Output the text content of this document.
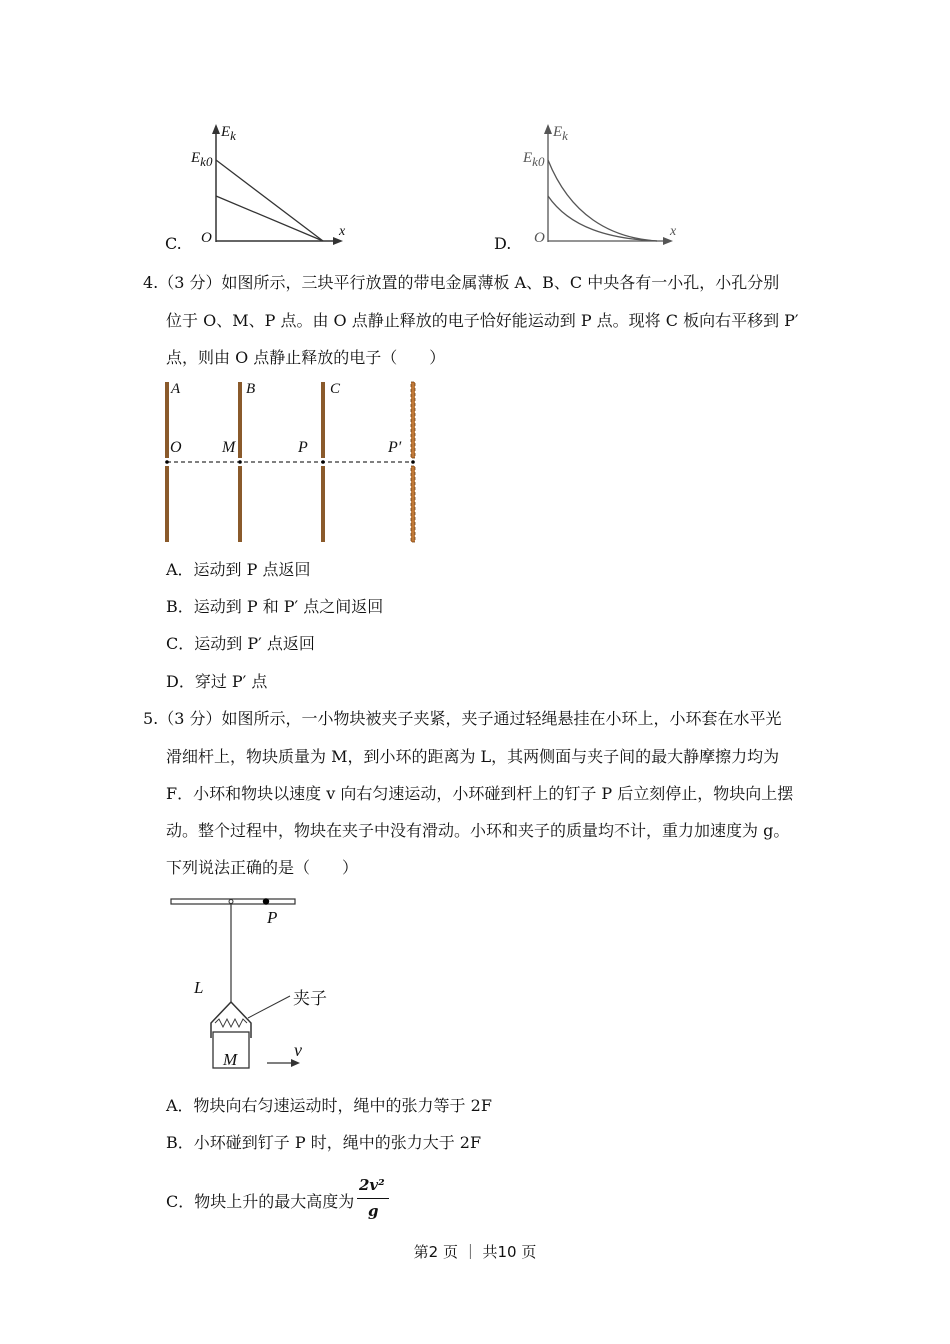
C.
$E_k$
$E_{k0}$
O	x
D.
$E_k$
$E_{k0}$
O	x
4.（3 分）如图所示，三块平行放置的带电金属薄板 A、B、C 中央各有一小孔，小孔分别
位于 O、M、P 点。由 O 点静止释放的电子恰好能运动到 P 点。现将 C 板向右平移到 P′
点，则由 O 点静止释放的电子（　　）
A	B	C
O	M	P	P′
A．运动到 P 点返回
B．运动到 P 和 P′ 点之间返回
C．运动到 P′ 点返回
D．穿过 P′ 点
5.（3 分）如图所示，一小物块被夹子夹紧，夹子通过轻绳悬挂在小环上，小环套在水平光
滑细杆上，物块质量为 M，到小环的距离为 L，其两侧面与夹子间的最大静摩擦力均为
F．小环和物块以速度 v 向右匀速运动，小环碰到杆上的钉子 P 后立刻停止，物块向上摆
动。整个过程中，物块在夹子中没有滑动。小环和夹子的质量均不计，重力加速度为 g。
下列说法正确的是（　　）
P
L
夹子
M	v
A．物块向右匀速运动时，绳中的张力等于 2F
B．小环碰到钉子 P 时，绳中的张力大于 2F
C．物块上升的最大高度为
2v²
g
第2 页 ｜ 共10 页
